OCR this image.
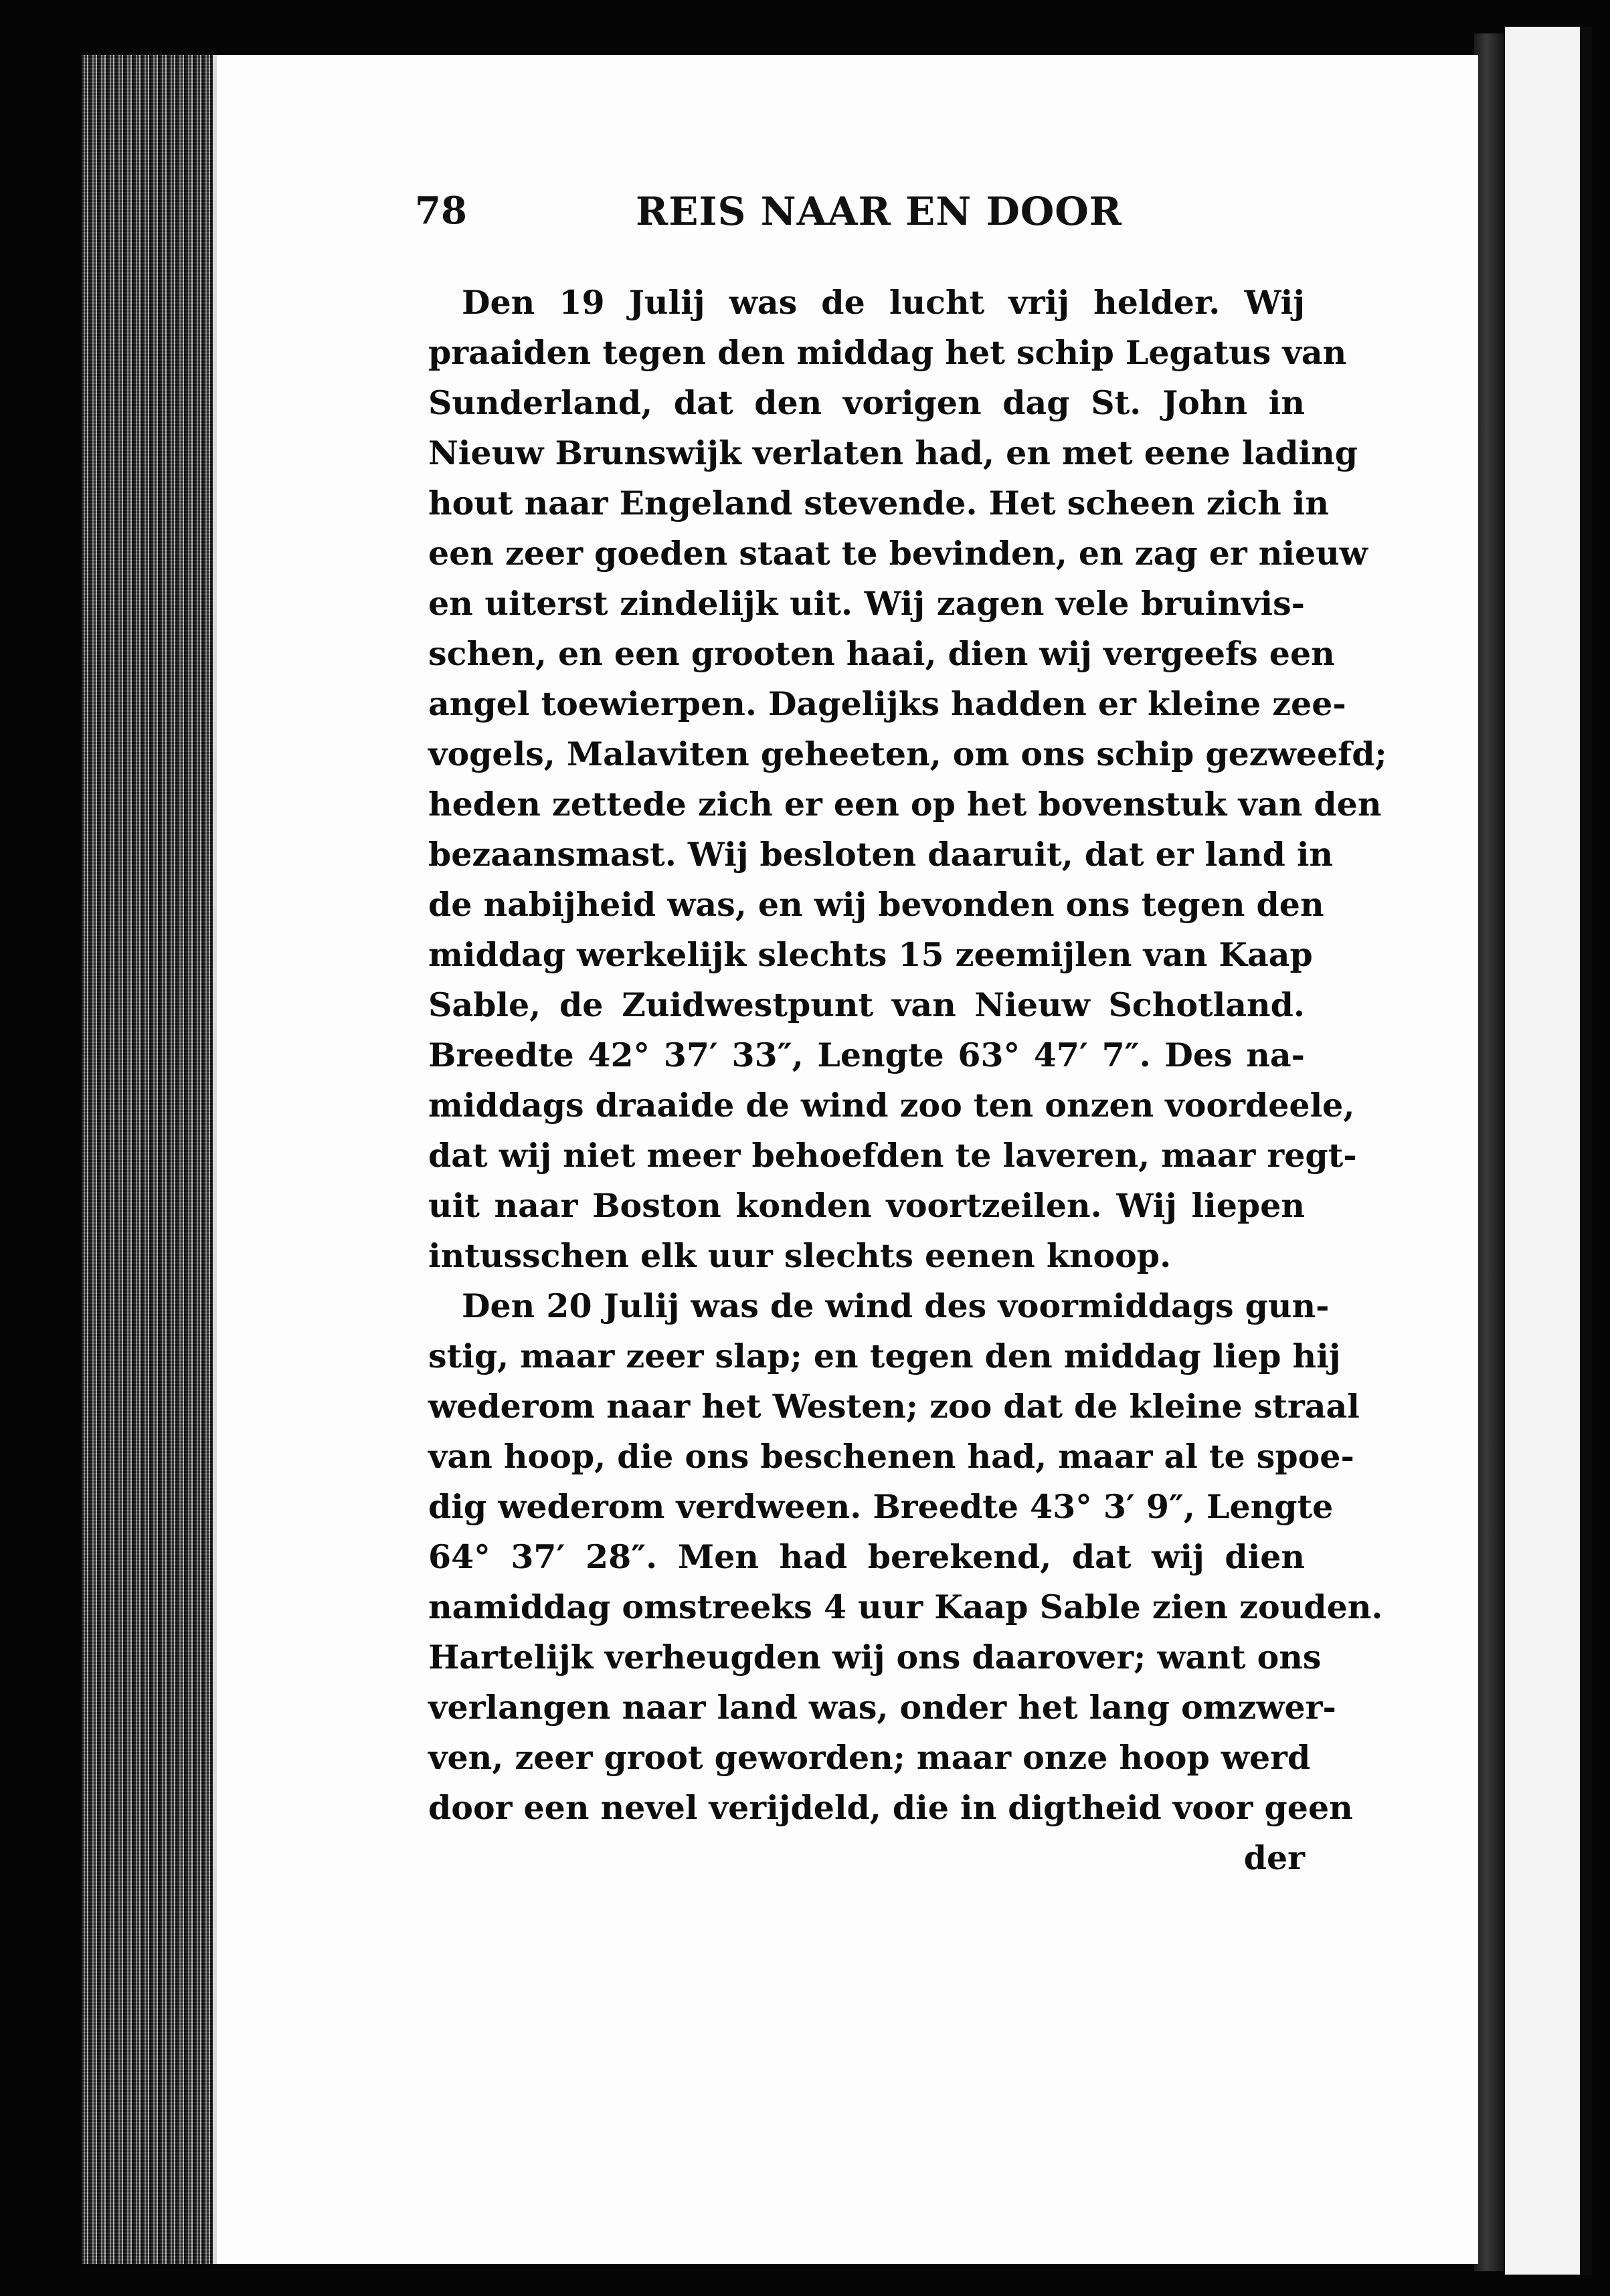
78	REIS NAAR EN DOOR
Den 19 Julij was de lucht vrij helder. Wij
praaiden tegen den middag het schip Legatus van
Sunderland, dat den vorigen dag St. John in
Nieuw Brunswijk verlaten had, en met eene lading
hout naar Engeland stevende. Het scheen zich in
een zeer goeden staat te bevinden, en zag er nieuw
en uiterst zindelijk uit. Wij zagen vele bruinvis-
schen, en een grooten haai, dien wij vergeefs een
angel toewierpen. Dagelijks hadden er kleine zee-
vogels, Malaviten geheeten, om ons schip gezweefd;
heden zettede zich er een op het bovenstuk van den
bezaansmast. Wij besloten daaruit, dat er land in
de nabijheid was, en wij bevonden ons tegen den
middag werkelijk slechts 15 zeemijlen van Kaap
Sable, de Zuidwestpunt van Nieuw Schotland.
Breedte 42° 37′ 33″, Lengte 63° 47′ 7″. Des na-
middags draaide de wind zoo ten onzen voordeele,
dat wij niet meer behoefden te laveren, maar regt-
uit naar Boston konden voortzeilen. Wij liepen
intusschen elk uur slechts eenen knoop.
Den 20 Julij was de wind des voormiddags gun-
stig, maar zeer slap; en tegen den middag liep hij
wederom naar het Westen; zoo dat de kleine straal
van hoop, die ons beschenen had, maar al te spoe-
dig wederom verdween. Breedte 43° 3′ 9″, Lengte
64° 37′ 28″. Men had berekend, dat wij dien
namiddag omstreeks 4 uur Kaap Sable zien zouden.
Hartelijk verheugden wij ons daarover; want ons
verlangen naar land was, onder het lang omzwer-
ven, zeer groot geworden; maar onze hoop werd
door een nevel verijdeld, die in digtheid voor geen
der
